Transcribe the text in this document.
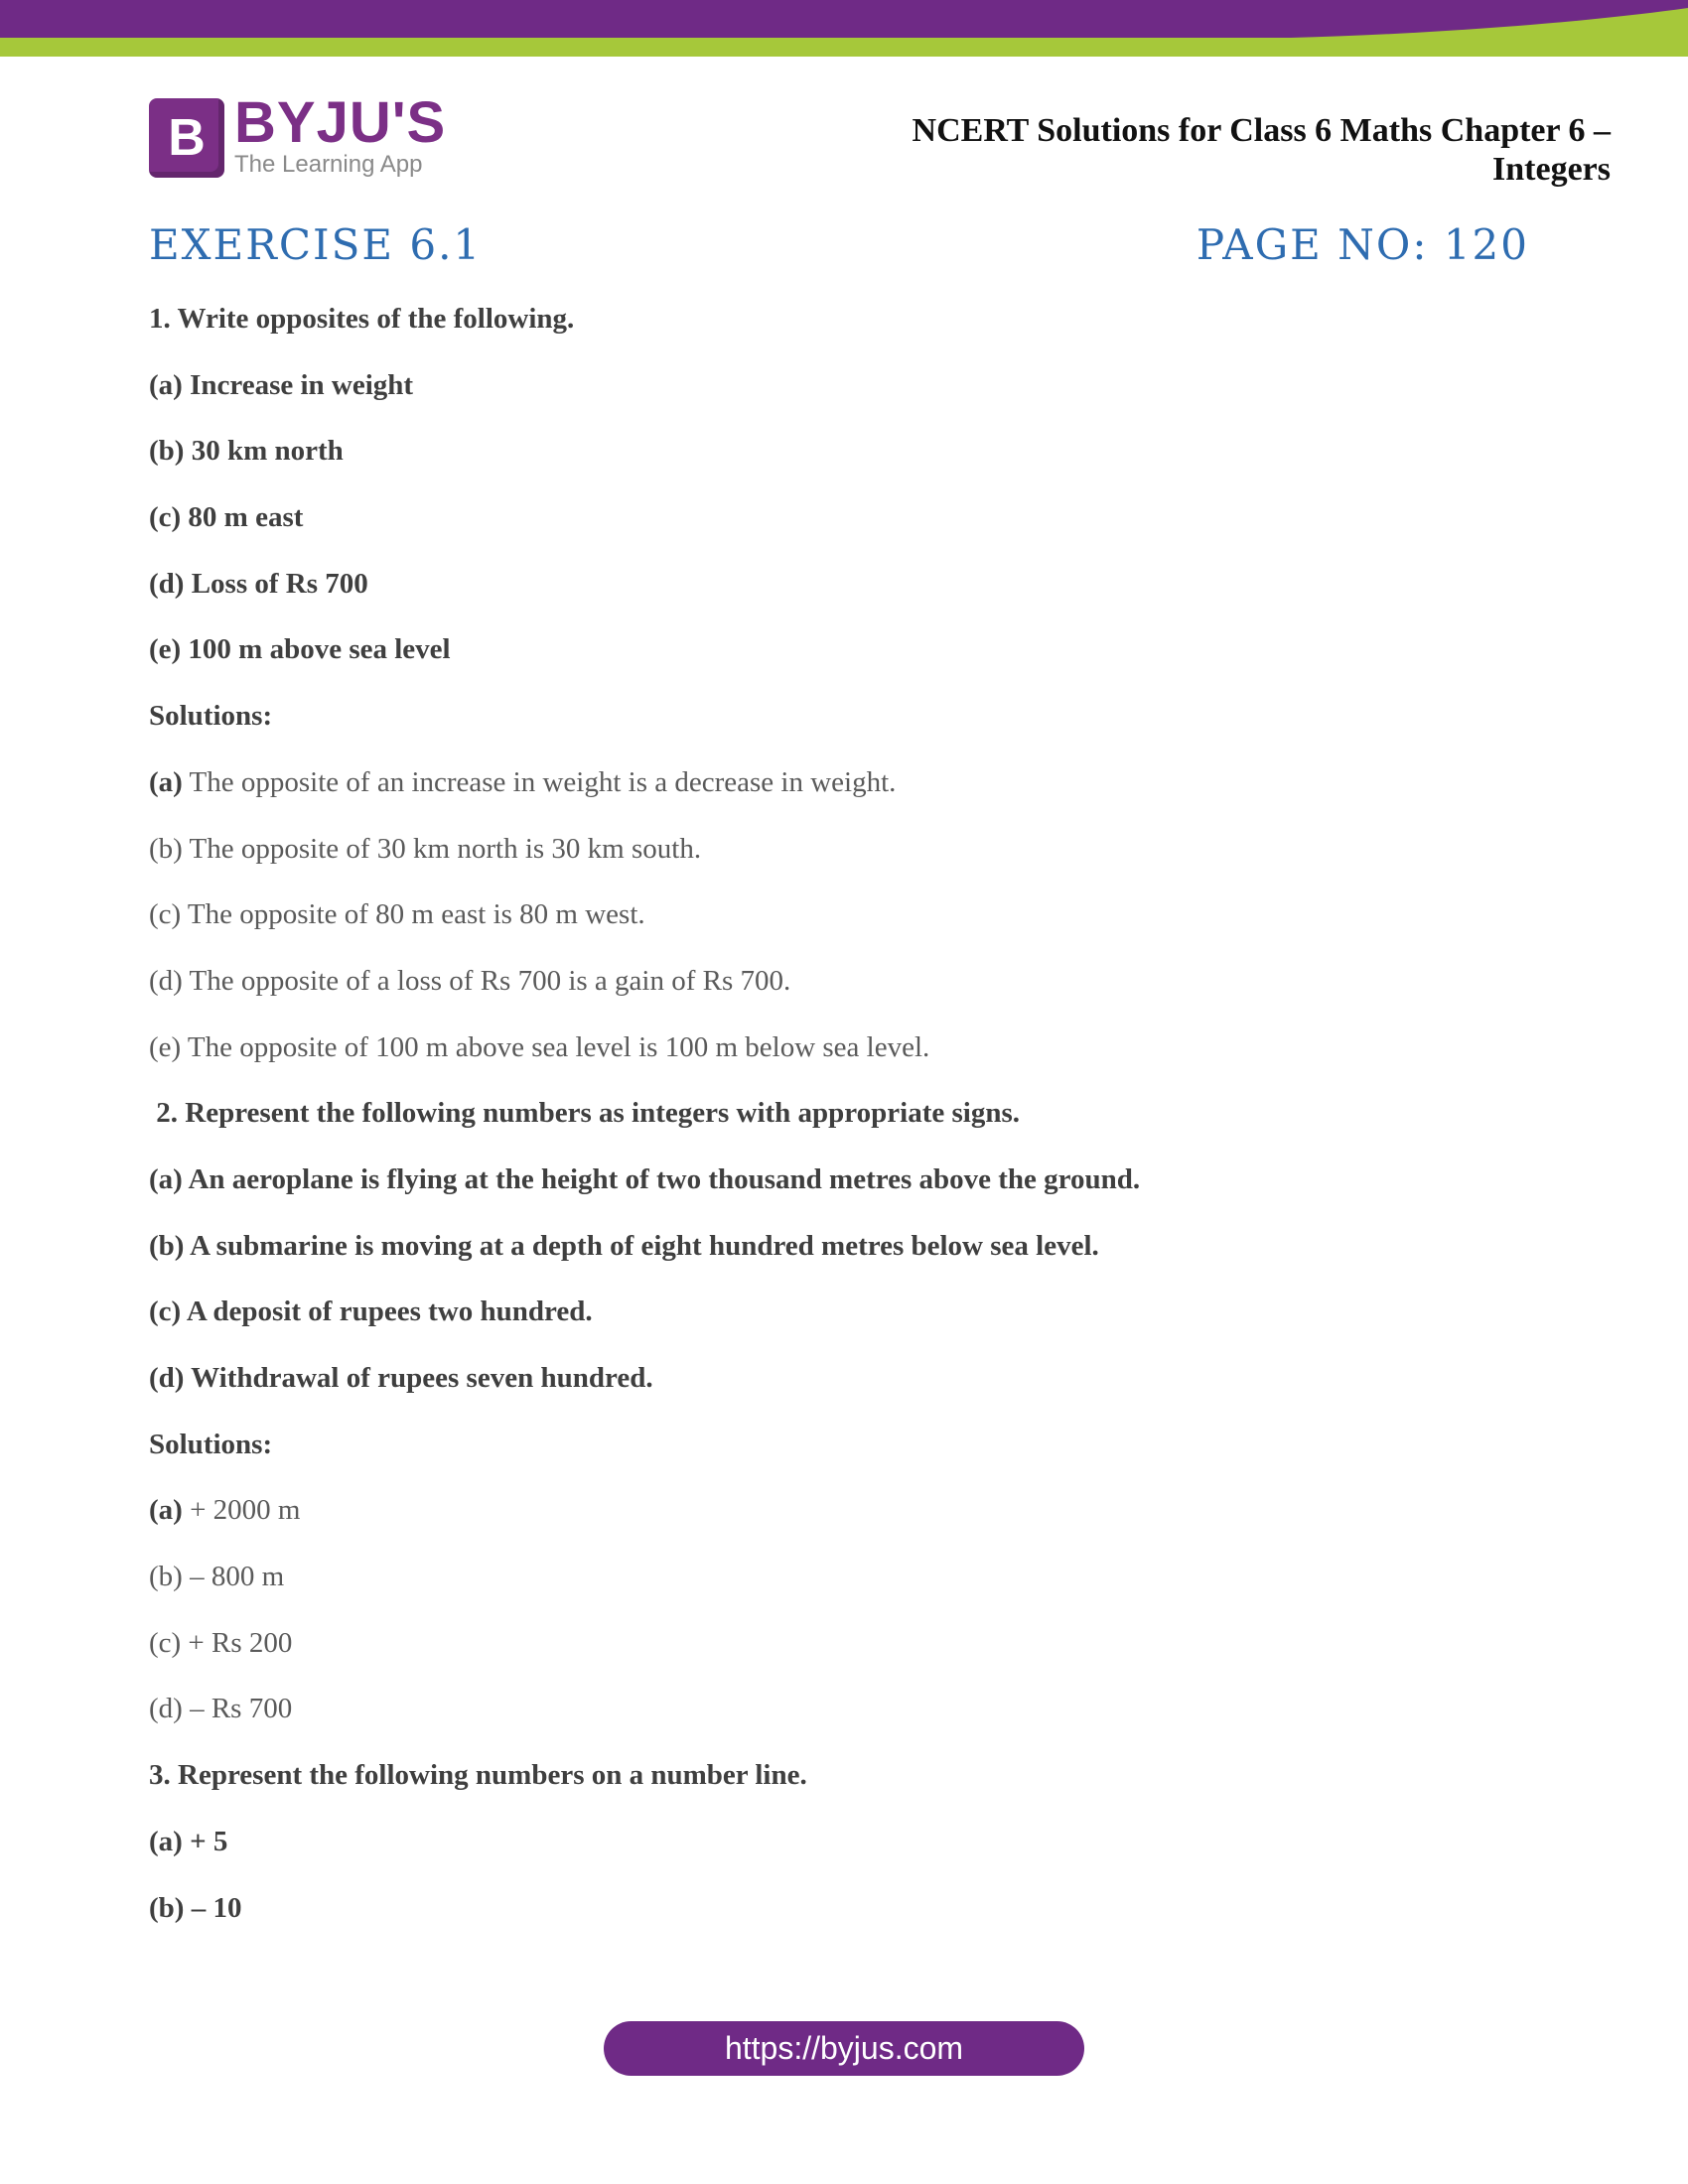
B BYJU'S
The Learning App
NCERT Solutions for Class 6 Maths Chapter 6 –
Integers
EXERCISE 6.1	PAGE NO: 120

1. Write opposites of the following.

(a) Increase in weight

(b) 30 km north

(c) 80 m east

(d) Loss of Rs 700

(e) 100 m above sea level

Solutions:

(a) The opposite of an increase in weight is a decrease in weight.

(b) The opposite of 30 km north is 30 km south.

(c) The opposite of 80 m east is 80 m west.

(d) The opposite of a loss of Rs 700 is a gain of Rs 700.

(e) The opposite of 100 m above sea level is 100 m below sea level.

2. Represent the following numbers as integers with appropriate signs.

(a) An aeroplane is flying at the height of two thousand metres above the ground.

(b) A submarine is moving at a depth of eight hundred metres below sea level.

(c) A deposit of rupees two hundred.

(d) Withdrawal of rupees seven hundred.

Solutions:

(a) + 2000 m

(b) – 800 m

(c) + Rs 200

(d) – Rs 700

3. Represent the following numbers on a number line.

(a) + 5

(b) – 10

https://byjus.com
